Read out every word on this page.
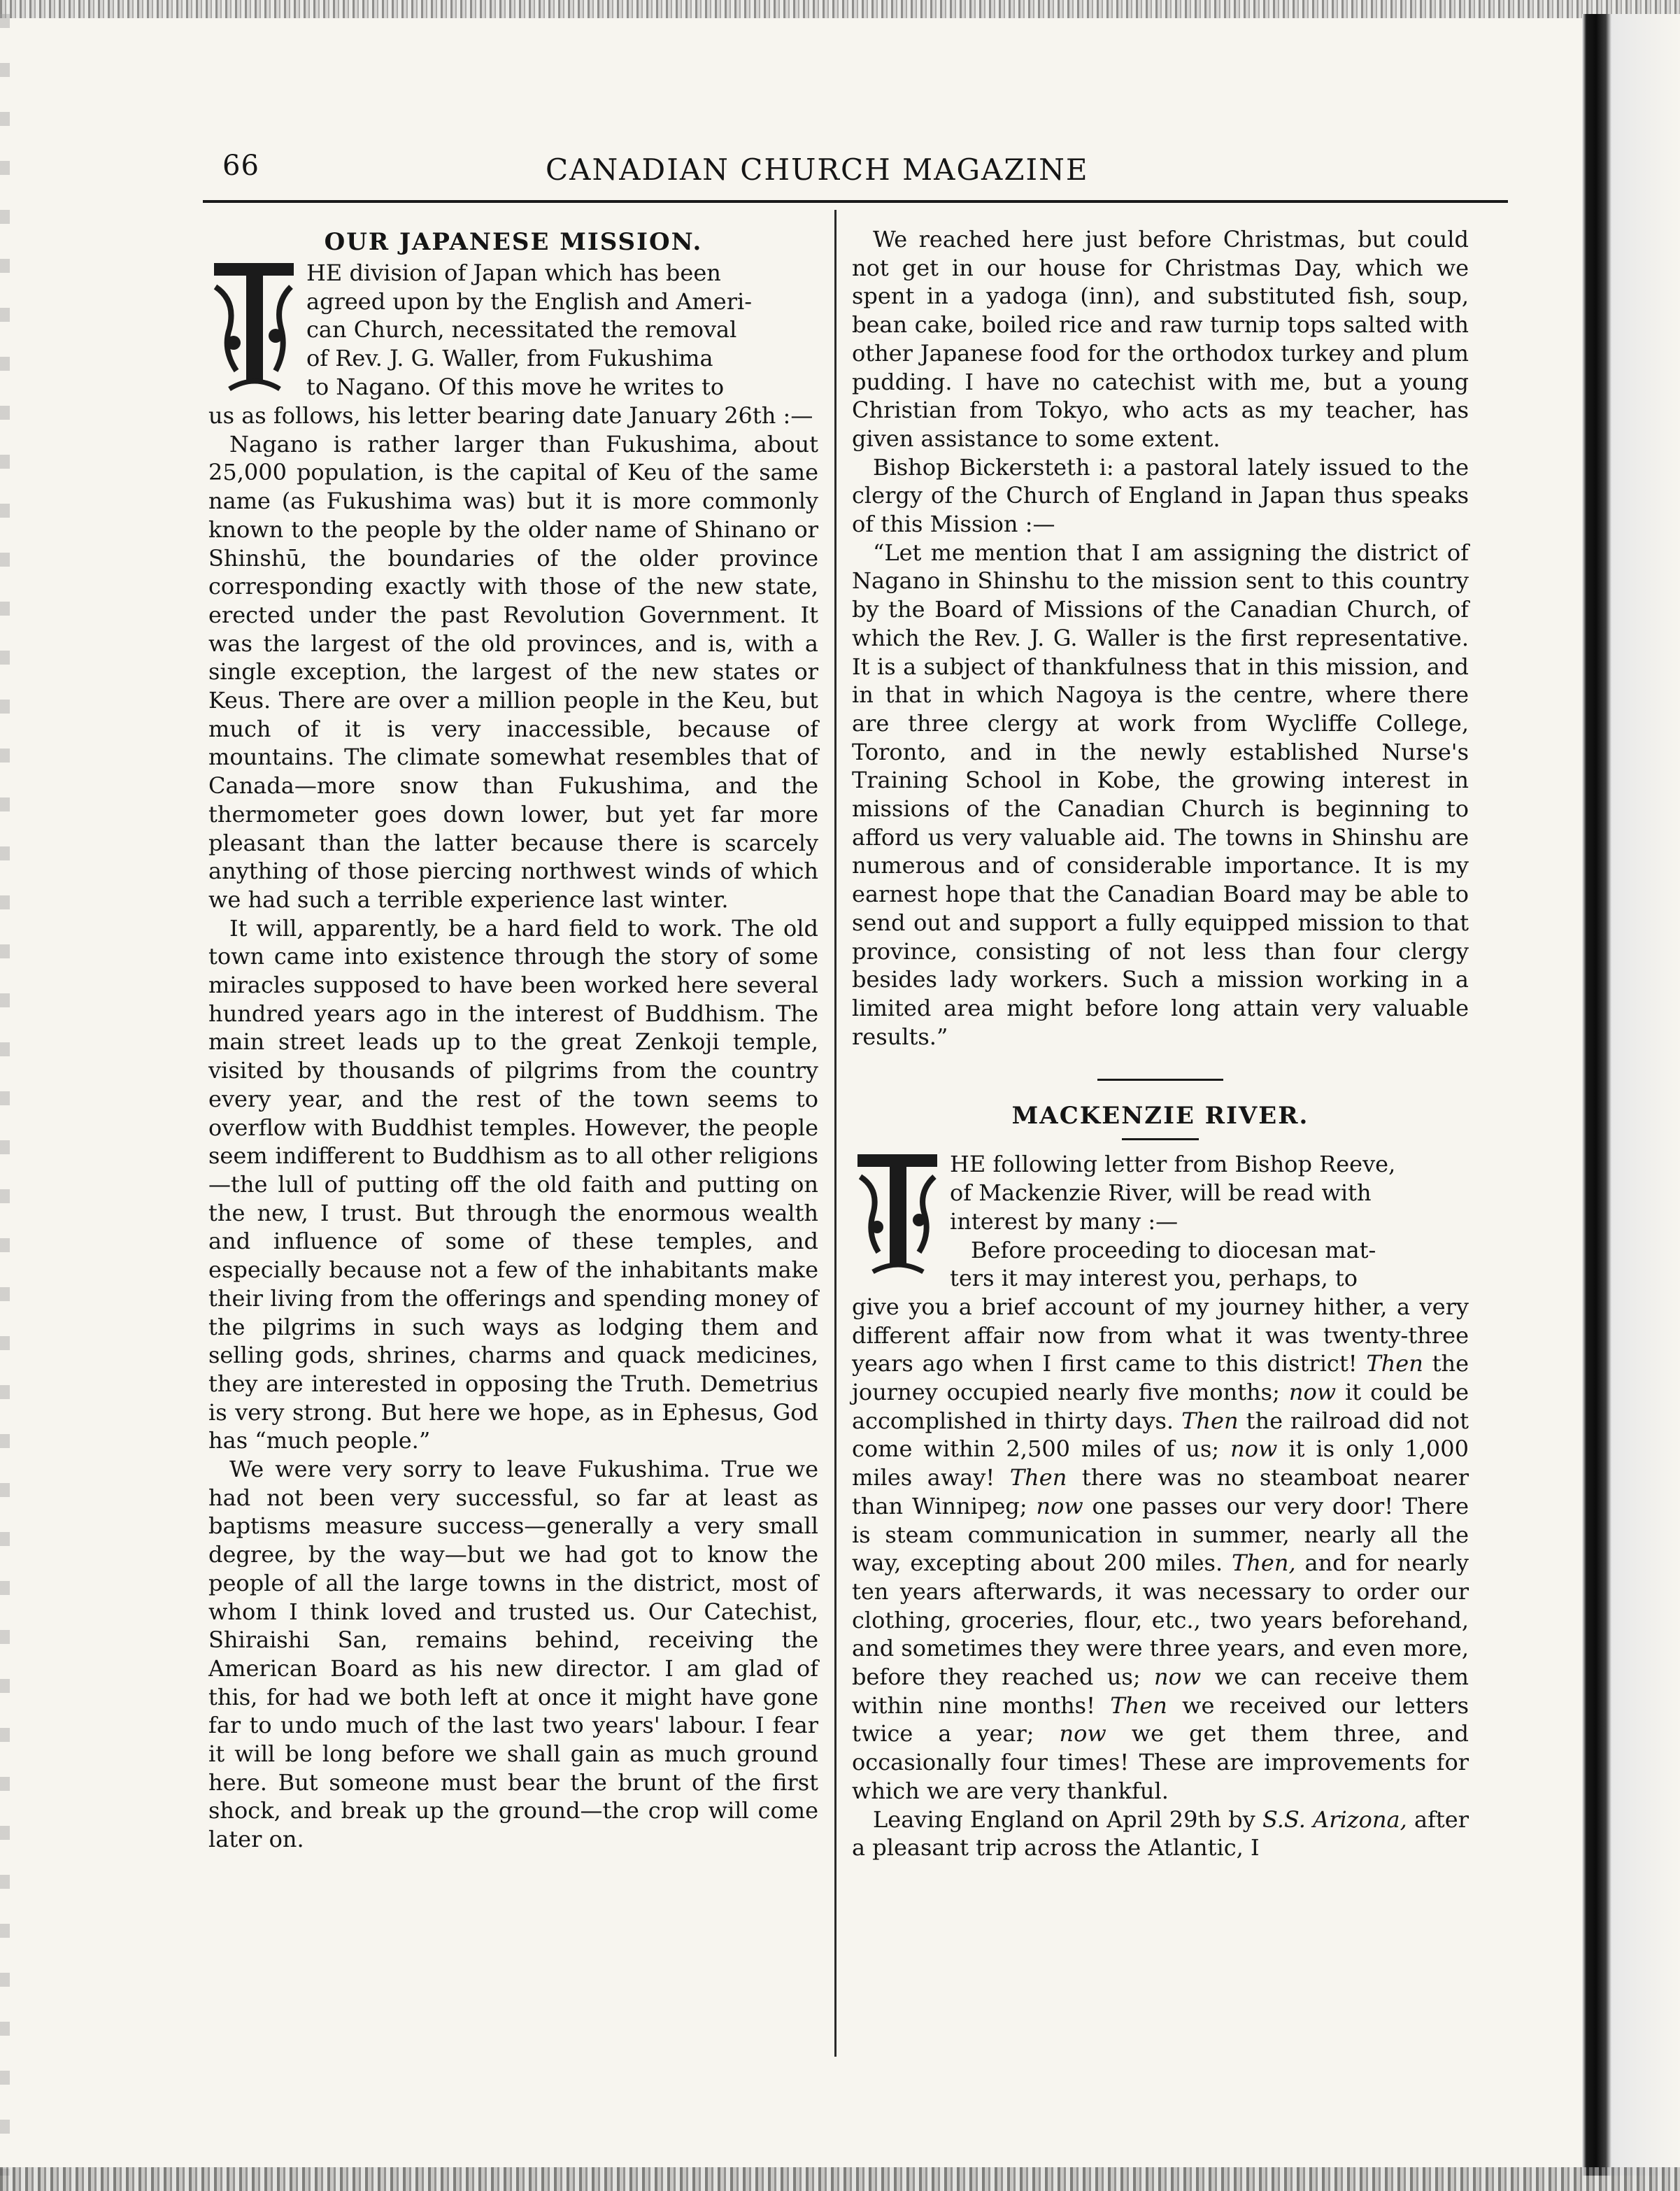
66	CANADIAN CHURCH MAGAZINE
OUR JAPANESE MISSION.

HE division of Japan which has been

agreed upon by the English and Ameri-

can Church, necessitated the removal

of Rev. J. G. Waller, from Fukushima

to Nagano. Of this move he writes to

us as follows, his letter bearing date January 26th :—

Nagano is rather larger than Fukushima, about 25,000 population, is the capital of Keu of the same name (as Fukushima was) but it is more commonly known to the people by the older name of Shinano or Shinshū, the boundaries of the older province corresponding exactly with those of the new state, erected under the past Revolution Government. It was the largest of the old provinces, and is, with a single exception, the largest of the new states or Keus. There are over a million people in the Keu, but much of it is very inaccessible, because of mountains. The climate somewhat resembles that of Canada—more snow than Fukushima, and the thermometer goes down lower, but yet far more pleasant than the latter because there is scarcely anything of those piercing northwest winds of which we had such a terrible experience last winter.

It will, apparently, be a hard field to work. The old town came into existence through the story of some miracles supposed to have been worked here several hundred years ago in the interest of Buddhism. The main street leads up to the great Zenkoji temple, visited by thousands of pilgrims from the country every year, and the rest of the town seems to overflow with Buddhist temples. However, the people seem indifferent to Buddhism as to all other religions—the lull of putting off the old faith and putting on the new, I trust. But through the enormous wealth and influence of some of these temples, and especially because not a few of the inhabitants make their living from the offerings and spending money of the pilgrims in such ways as lodging them and selling gods, shrines, charms and quack medicines, they are interested in opposing the Truth. Demetrius is very strong. But here we hope, as in Ephesus, God has “much people.”

We were very sorry to leave Fukushima. True we had not been very successful, so far at least as baptisms measure success—generally a very small degree, by the way—but we had got to know the people of all the large towns in the district, most of whom I think loved and trusted us. Our Catechist, Shiraishi San, remains behind, receiving the American Board as his new director. I am glad of this, for had we both left at once it might have gone far to undo much of the last two years' labour. I fear it will be long before we shall gain as much ground here. But someone must bear the brunt of the first shock, and break up the ground—the crop will come later on.

We reached here just before Christmas, but could not get in our house for Christmas Day, which we spent in a yadoga (inn), and substituted fish, soup, bean cake, boiled rice and raw turnip tops salted with other Japanese food for the orthodox turkey and plum pudding. I have no catechist with me, but a young Christian from Tokyo, who acts as my teacher, has given assistance to some extent.

Bishop Bickersteth i: a pastoral lately issued to the clergy of the Church of England in Japan thus speaks of this Mission :—

“Let me mention that I am assigning the district of Nagano in Shinshu to the mission sent to this country by the Board of Missions of the Canadian Church, of which the Rev. J. G. Waller is the first representative. It is a subject of thankfulness that in this mission, and in that in which Nagoya is the centre, where there are three clergy at work from Wycliffe College, Toronto, and in the newly established Nurse's Training School in Kobe, the growing interest in missions of the Canadian Church is beginning to afford us very valuable aid. The towns in Shinshu are numerous and of considerable importance. It is my earnest hope that the Canadian Board may be able to send out and support a fully equipped mission to that province, consisting of not less than four clergy besides lady workers. Such a mission working in a limited area might before long attain very valuable results.”

MACKENZIE RIVER.

HE following letter from Bishop Reeve,

of Mackenzie River, will be read with

interest by many :—

Before proceeding to diocesan mat-

ters it may interest you, perhaps, to

give you a brief account of my journey hither, a very different affair now from what it was twenty-three years ago when I first came to this district! Then the journey occupied nearly five months; now it could be accomplished in thirty days. Then the railroad did not come within 2,500 miles of us; now it is only 1,000 miles away! Then there was no steamboat nearer than Winnipeg; now one passes our very door! There is steam communication in summer, nearly all the way, excepting about 200 miles. Then, and for nearly ten years afterwards, it was necessary to order our clothing, groceries, flour, etc., two years beforehand, and sometimes they were three years, and even more, before they reached us; now we can receive them within nine months! Then we received our letters twice a year; now we get them three, and occasionally four times! These are improvements for which we are very thankful.

Leaving England on April 29th by S.S. Arizona, after a pleasant trip across the Atlantic, I
